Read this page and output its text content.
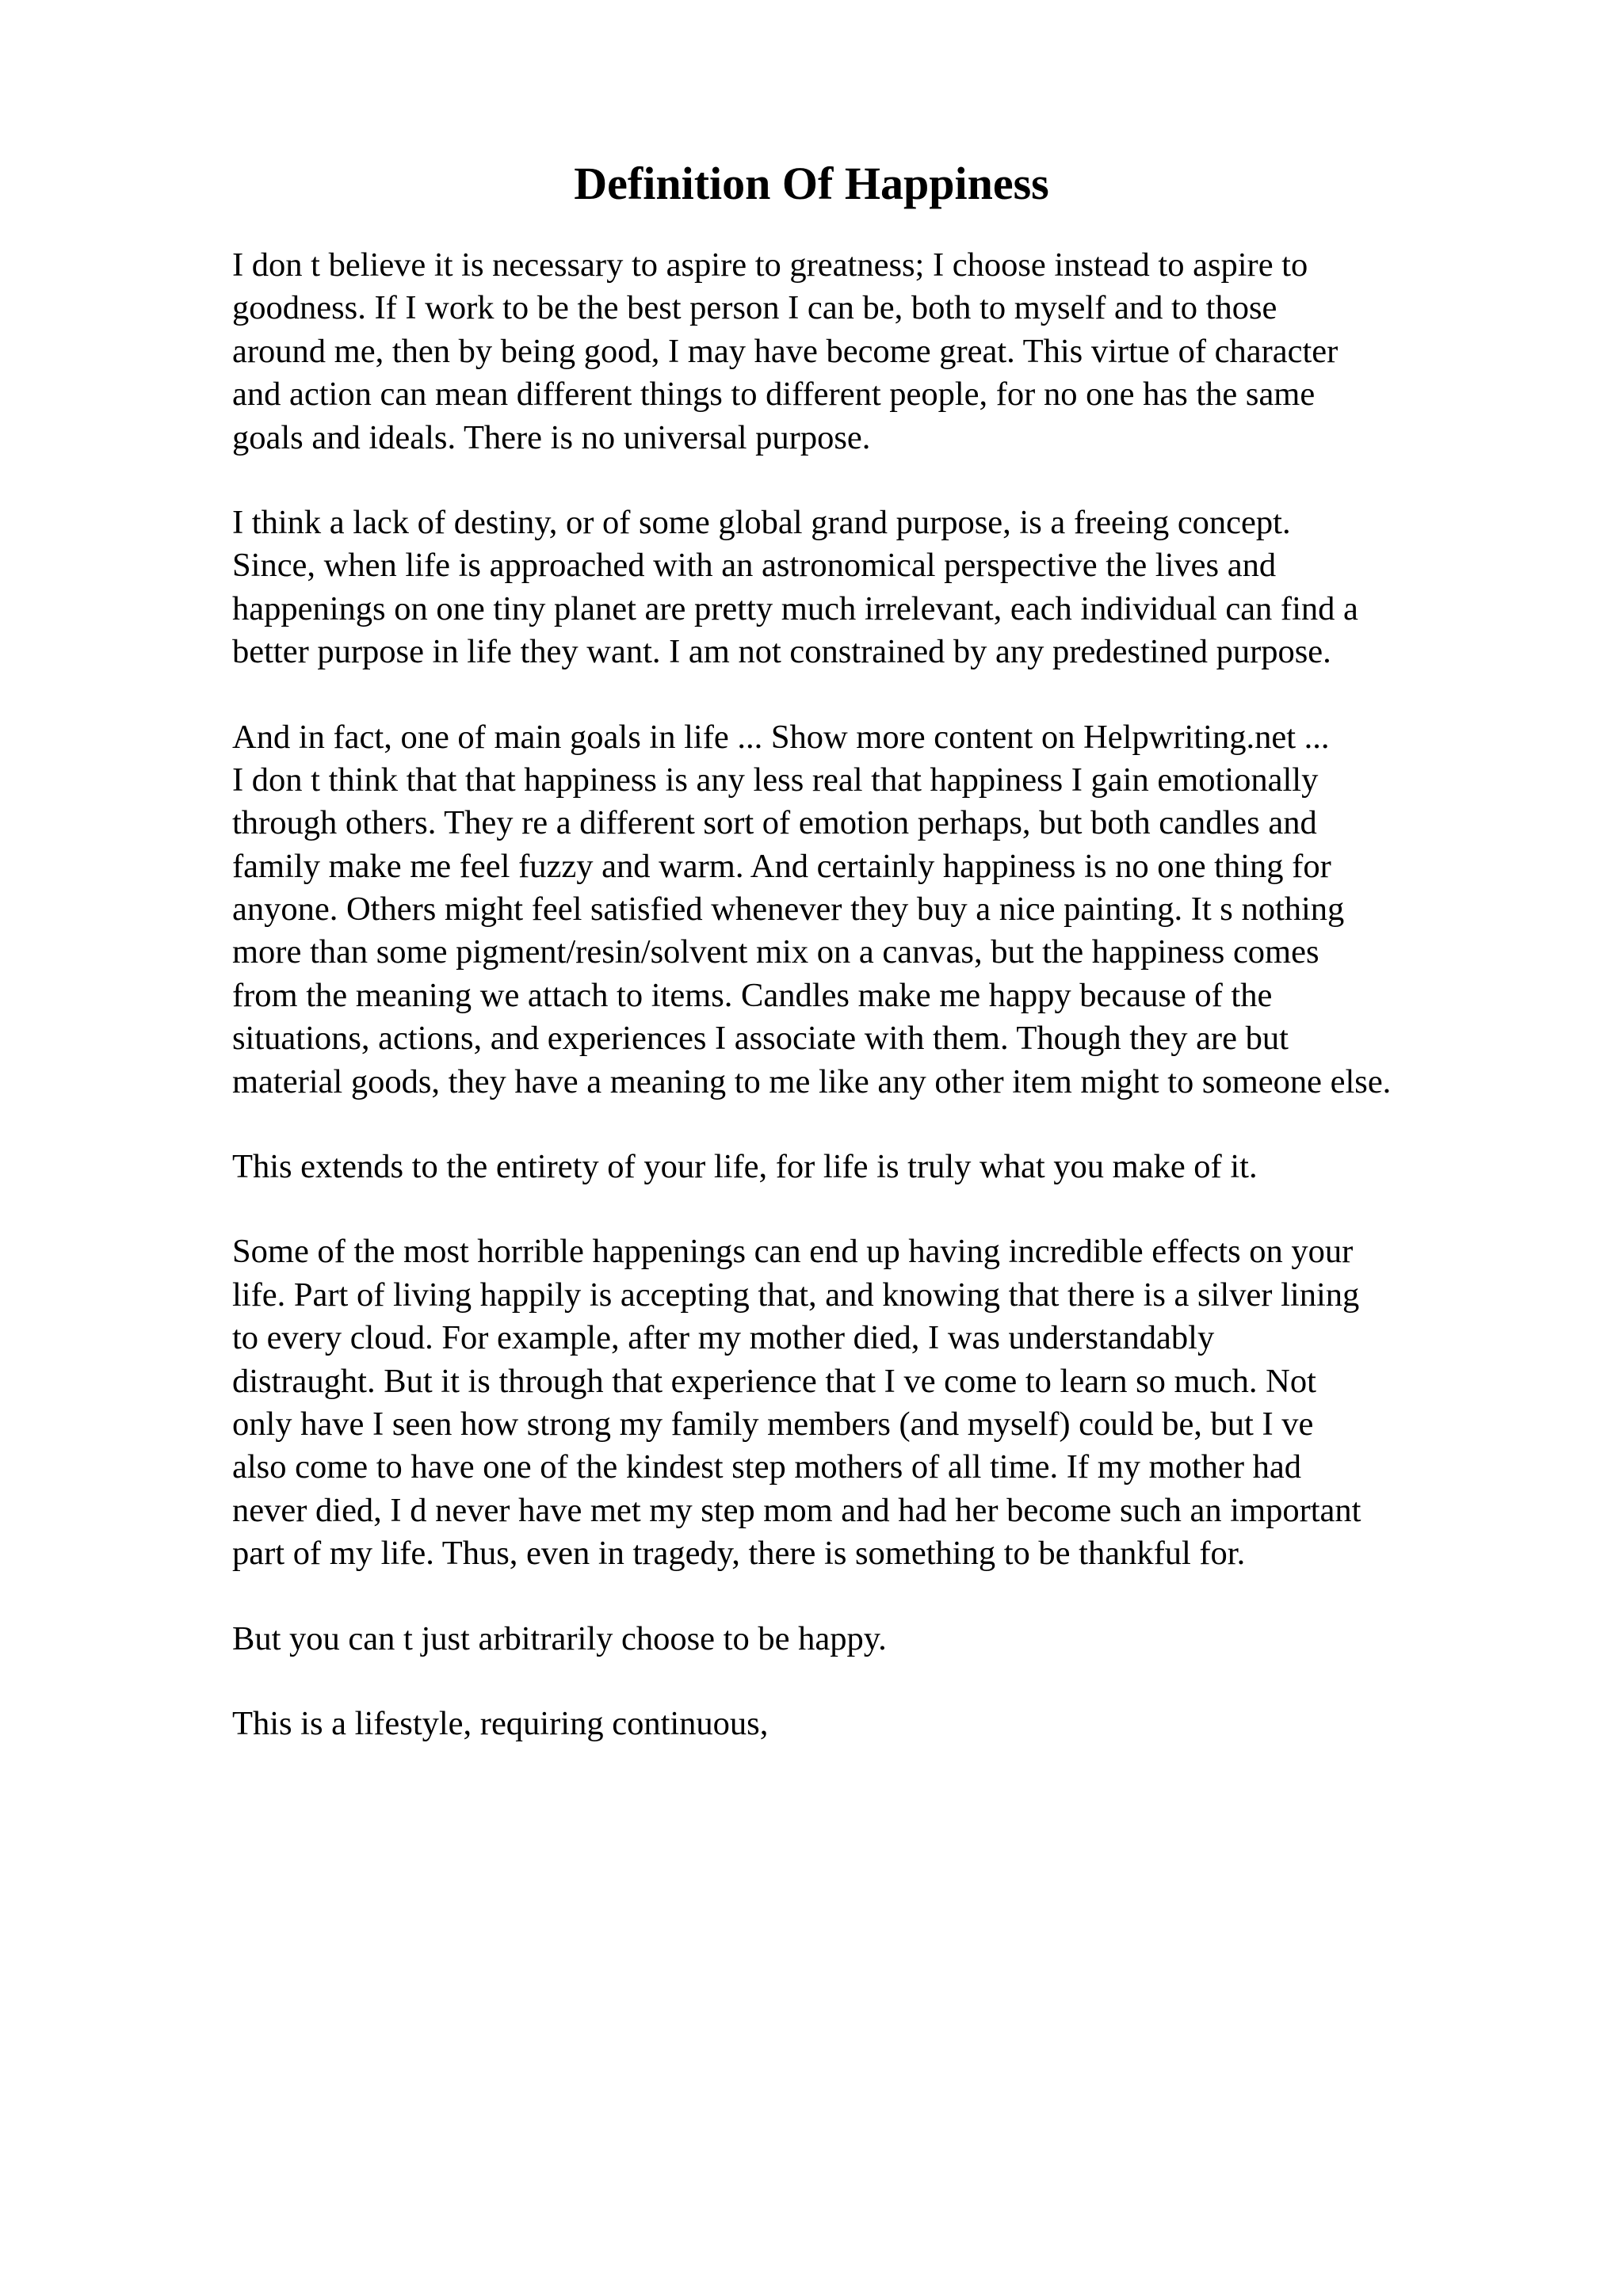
Definition Of Happiness
I don t believe it is necessary to aspire to greatness; I choose instead to aspire to
goodness. If I work to be the best person I can be, both to myself and to those
around me, then by being good, I may have become great. This virtue of character
and action can mean different things to different people, for no one has the same
goals and ideals. There is no universal purpose.
I think a lack of destiny, or of some global grand purpose, is a freeing concept.
Since, when life is approached with an astronomical perspective the lives and
happenings on one tiny planet are pretty much irrelevant, each individual can find a
better purpose in life they want. I am not constrained by any predestined purpose.
And in fact, one of main goals in life ... Show more content on Helpwriting.net ...
I don t think that that happiness is any less real that happiness I gain emotionally
through others. They re a different sort of emotion perhaps, but both candles and
family make me feel fuzzy and warm. And certainly happiness is no one thing for
anyone. Others might feel satisfied whenever they buy a nice painting. It s nothing
more than some pigment/resin/solvent mix on a canvas, but the happiness comes
from the meaning we attach to items. Candles make me happy because of the
situations, actions, and experiences I associate with them. Though they are but
material goods, they have a meaning to me like any other item might to someone else.
This extends to the entirety of your life, for life is truly what you make of it.
Some of the most horrible happenings can end up having incredible effects on your
life. Part of living happily is accepting that, and knowing that there is a silver lining
to every cloud. For example, after my mother died, I was understandably
distraught. But it is through that experience that I ve come to learn so much. Not
only have I seen how strong my family members (and myself) could be, but I ve
also come to have one of the kindest step mothers of all time. If my mother had
never died, I d never have met my step mom and had her become such an important
part of my life. Thus, even in tragedy, there is something to be thankful for.
But you can t just arbitrarily choose to be happy.
This is a lifestyle, requiring continuous,
